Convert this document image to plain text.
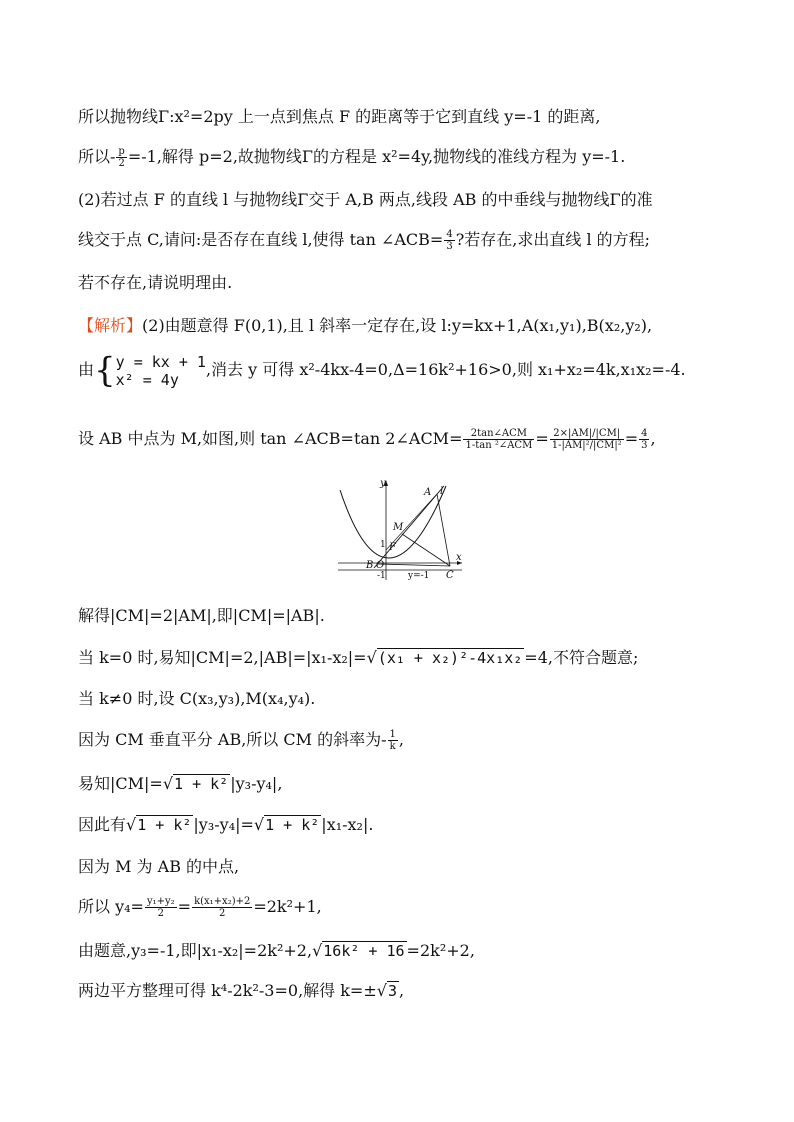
所以抛物线Γ:x²=2py 上一点到焦点 F 的距离等于它到直线 y=-1 的距离,
所以- $\frac{p}{2} =-1$,解得 p=2,故抛物线Γ的方程是 x²=4y,抛物线的准线方程为 y=-1.
(2)若过点 F 的直线 l 与抛物线Γ交于 A,B 两点,线段 AB 的中垂线与抛物线Γ的准
线交于点 C,请问:是否存在直线 l,使得 tan ∠ACB= $\frac{4}{3}$ ?若存在,求出直线 l 的方程;
若不存在,请说明理由.
【解析】(2)由题意得 F(0,1),且 l 斜率一定存在,设 l:y=kx+1,A(x₁,y₁),B(x₂,y₂),
由{ y = kx + 1
x² = 4y
,消去 y 可得 x²-4kx-4=0,Δ=16k²+16>0,则 x₁+x₂=4k,x₁x₂=-4.
设 AB 中点为 M,如图,则 tan ∠ACB=tan 2∠ACM= $\frac{\text{2tan∠ACM}}{\text{1-tan ²∠ACM}} = \frac{2\times|AM|/|CM|}{\text{1-|AM|²/|CM|²}} = \frac{4}{3}$ ,
y
x
A l
M
F
1
B O
-1 y=-1 C
解得|CM|=2|AM|,即|CM|=|AB|.
当 k=0 时,易知|CM|=2,|AB|=|x₁-x₂|=√(x₁ + x₂)²-4x₁x₂ =4,不符合题意;
当 k≠0 时,设 C(x₃,y₃),M(x₄,y₄).
因为 CM 垂直平分 AB,所以 CM 的斜率为- $\frac{1}{k}$ ,
易知|CM|=√1 + k² |y₃-y₄|,
因此有√1 + k² |y₃-y₄|=√1 + k² |x₁-x₂|.
因为 M 为 AB 的中点,
所以 $y_4= \frac{\text{y₁+y₂}}{2} = \frac{\text{k(x₁+x₂)+2}}{2} =2k^2+1$,
由题意,y₃=-1,即|x₁-x₂|=2k²+2,√16k² + 16 =2k²+2,
两边平方整理可得 k⁴-2k²-3=0,解得 k=±√3 ,
